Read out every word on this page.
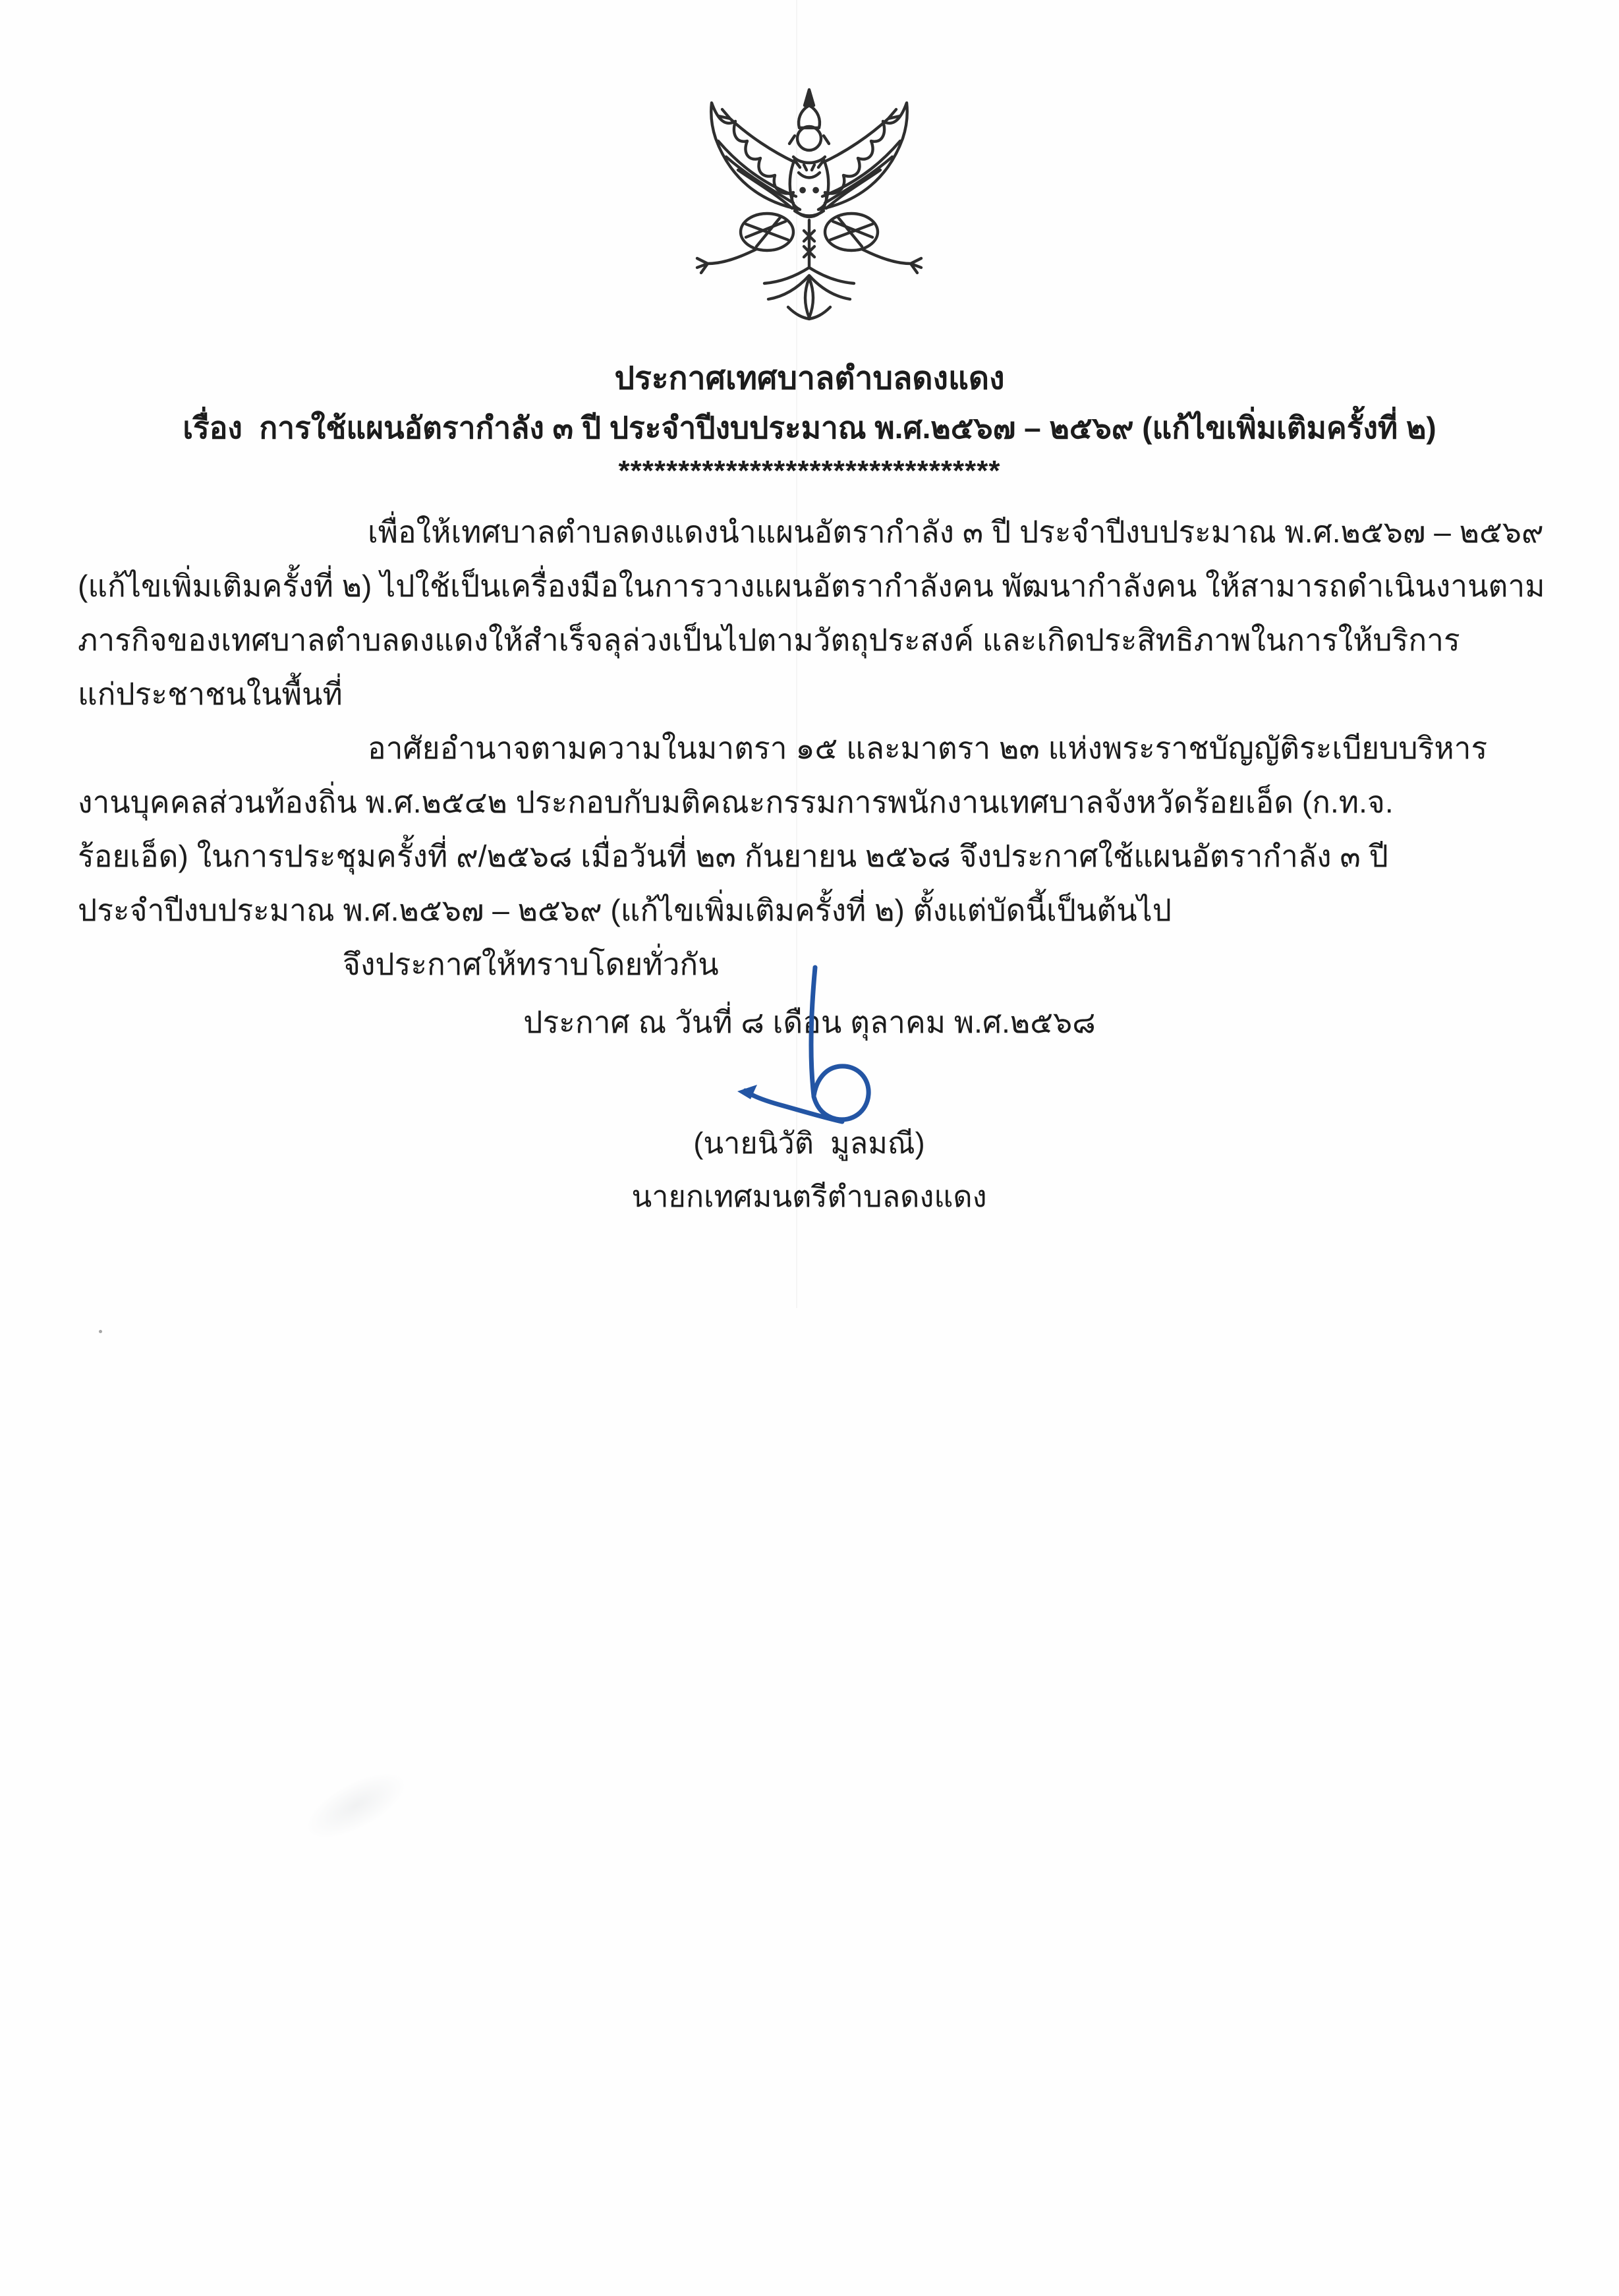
ประกาศเทศบาลตำบลดงแดง
เรื่อง  การใช้แผนอัตรากำลัง ๓ ปี ประจำปีงบประมาณ พ.ศ.๒๕๖๗ – ๒๕๖๙ (แก้ไขเพิ่มเติมครั้งที่ ๒)
********************************
เพื่อให้เทศบาลตำบลดงแดงนำแผนอัตรากำลัง ๓ ปี ประจำปีงบประมาณ พ.ศ.๒๕๖๗ – ๒๕๖๙
(แก้ไขเพิ่มเติมครั้งที่ ๒) ไปใช้เป็นเครื่องมือในการวางแผนอัตรากำลังคน พัฒนากำลังคน ให้สามารถดำเนินงานตาม
ภารกิจของเทศบาลตำบลดงแดงให้สำเร็จลุล่วงเป็นไปตามวัตถุประสงค์ และเกิดประสิทธิภาพในการให้บริการ
แก่ประชาชนในพื้นที่
อาศัยอำนาจตามความในมาตรา ๑๕ และมาตรา ๒๓ แห่งพระราชบัญญัติระเบียบบริหาร
งานบุคคลส่วนท้องถิ่น พ.ศ.๒๕๔๒ ประกอบกับมติคณะกรรมการพนักงานเทศบาลจังหวัดร้อยเอ็ด (ก.ท.จ.
ร้อยเอ็ด) ในการประชุมครั้งที่ ๙/๒๕๖๘ เมื่อวันที่ ๒๓ กันยายน ๒๕๖๘ จึงประกาศใช้แผนอัตรากำลัง ๓ ปี
ประจำปีงบประมาณ พ.ศ.๒๕๖๗ – ๒๕๖๙ (แก้ไขเพิ่มเติมครั้งที่ ๒) ตั้งแต่บัดนี้เป็นต้นไป
จึงประกาศให้ทราบโดยทั่วกัน
ประกาศ ณ วันที่ ๘ เดือน ตุลาคม พ.ศ.๒๕๖๘
(นายนิวัติ  มูลมณี)
นายกเทศมนตรีตำบลดงแดง
